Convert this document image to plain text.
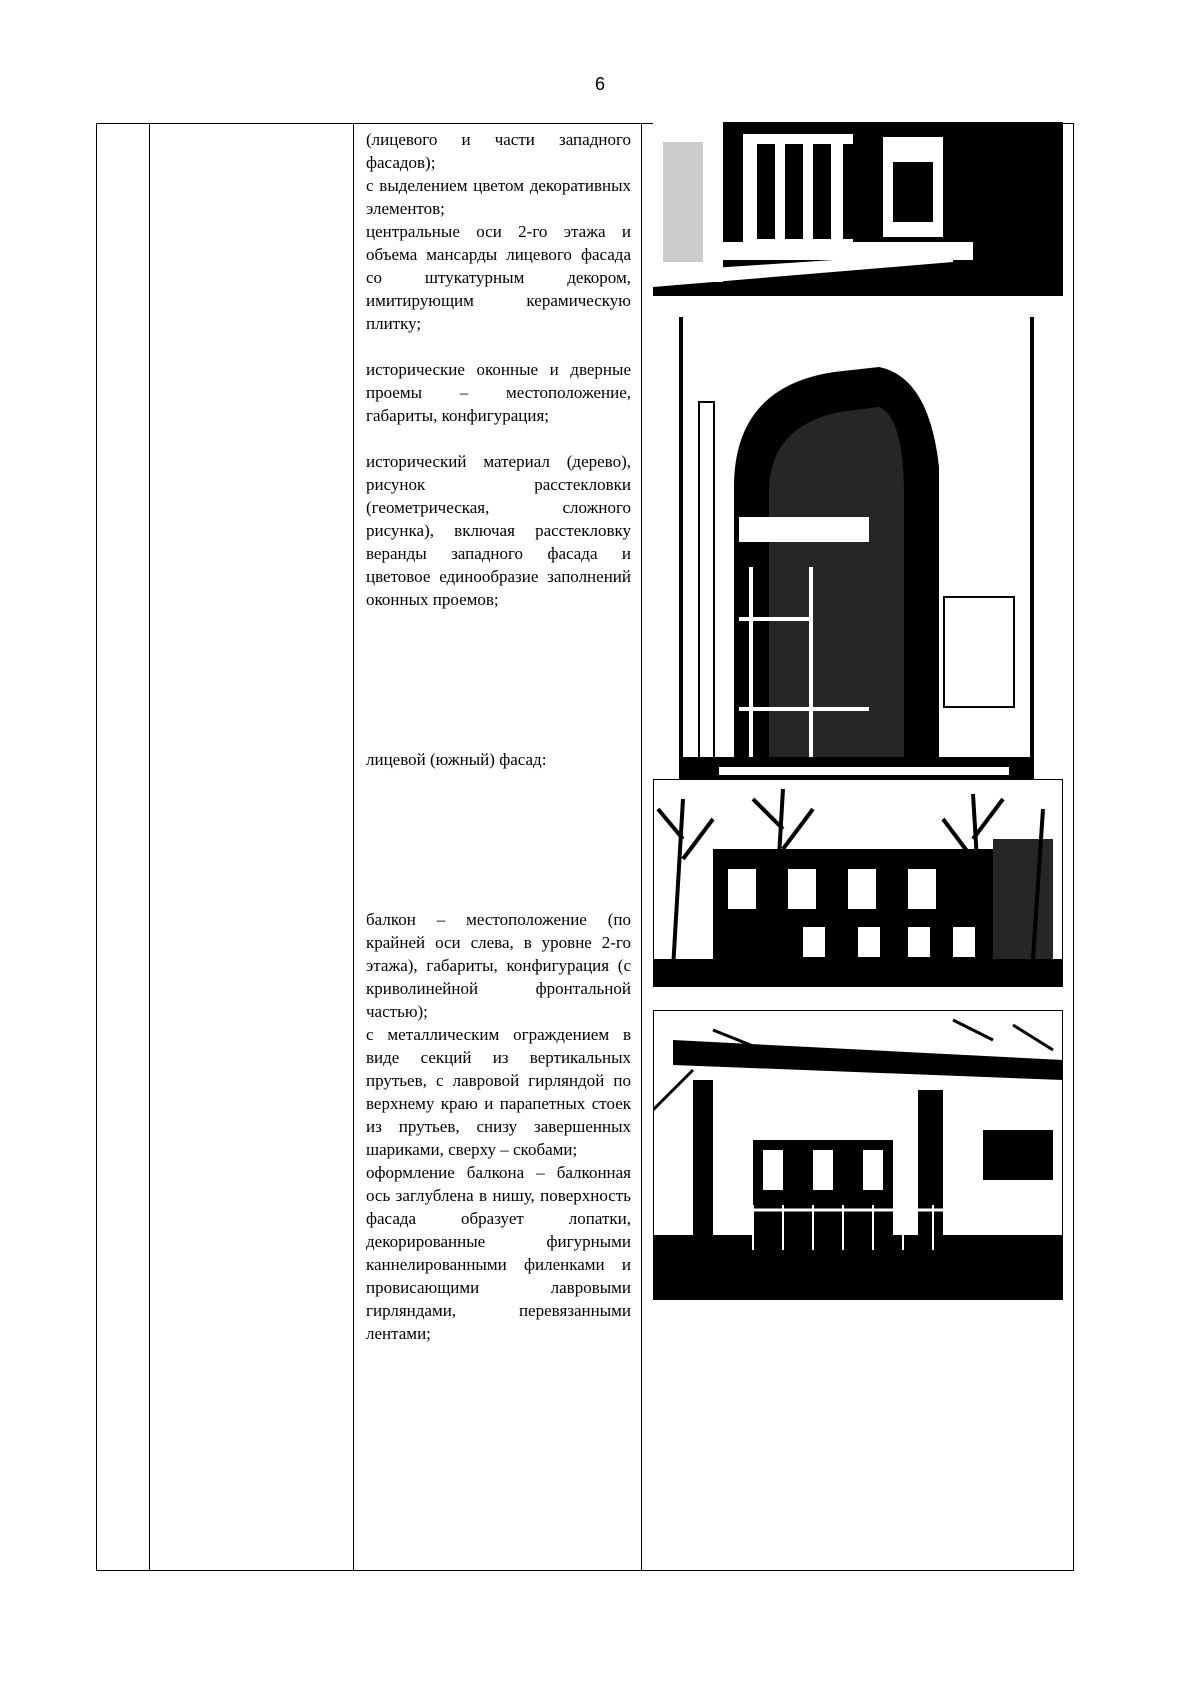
6

(лицевого и части западного фасадов);

с выделением цветом декоративных элементов;

центральные оси 2-го этажа и объема мансарды лицевого фасада со штукатурным декором, имитирующим керамическую плитку;

исторические оконные и дверные проемы – местоположение, габариты, конфигурация;

исторический материал (дерево), рисунок расстекловки (геометрическая, сложного рисунка), включая расстекловку веранды западного фасада и цветовое единообразие заполнений оконных проемов;

лицевой (южный) фасад:

балкон – местоположение (по крайней оси слева, в уровне 2-го этажа), габариты, конфигурация (с криволинейной фронтальной частью);

с металлическим ограждением в виде секций из вертикальных прутьев, с лавровой гирляндой по верхнему краю и парапетных стоек из прутьев, снизу завершенных шариками, сверху – скобами;

оформление балкона – балконная ось заглублена в нишу, поверхность фасада образует лопатки, декорированные фигурными каннелированными филенками и провисающими лавровыми гирляндами, перевязанными лентами;
